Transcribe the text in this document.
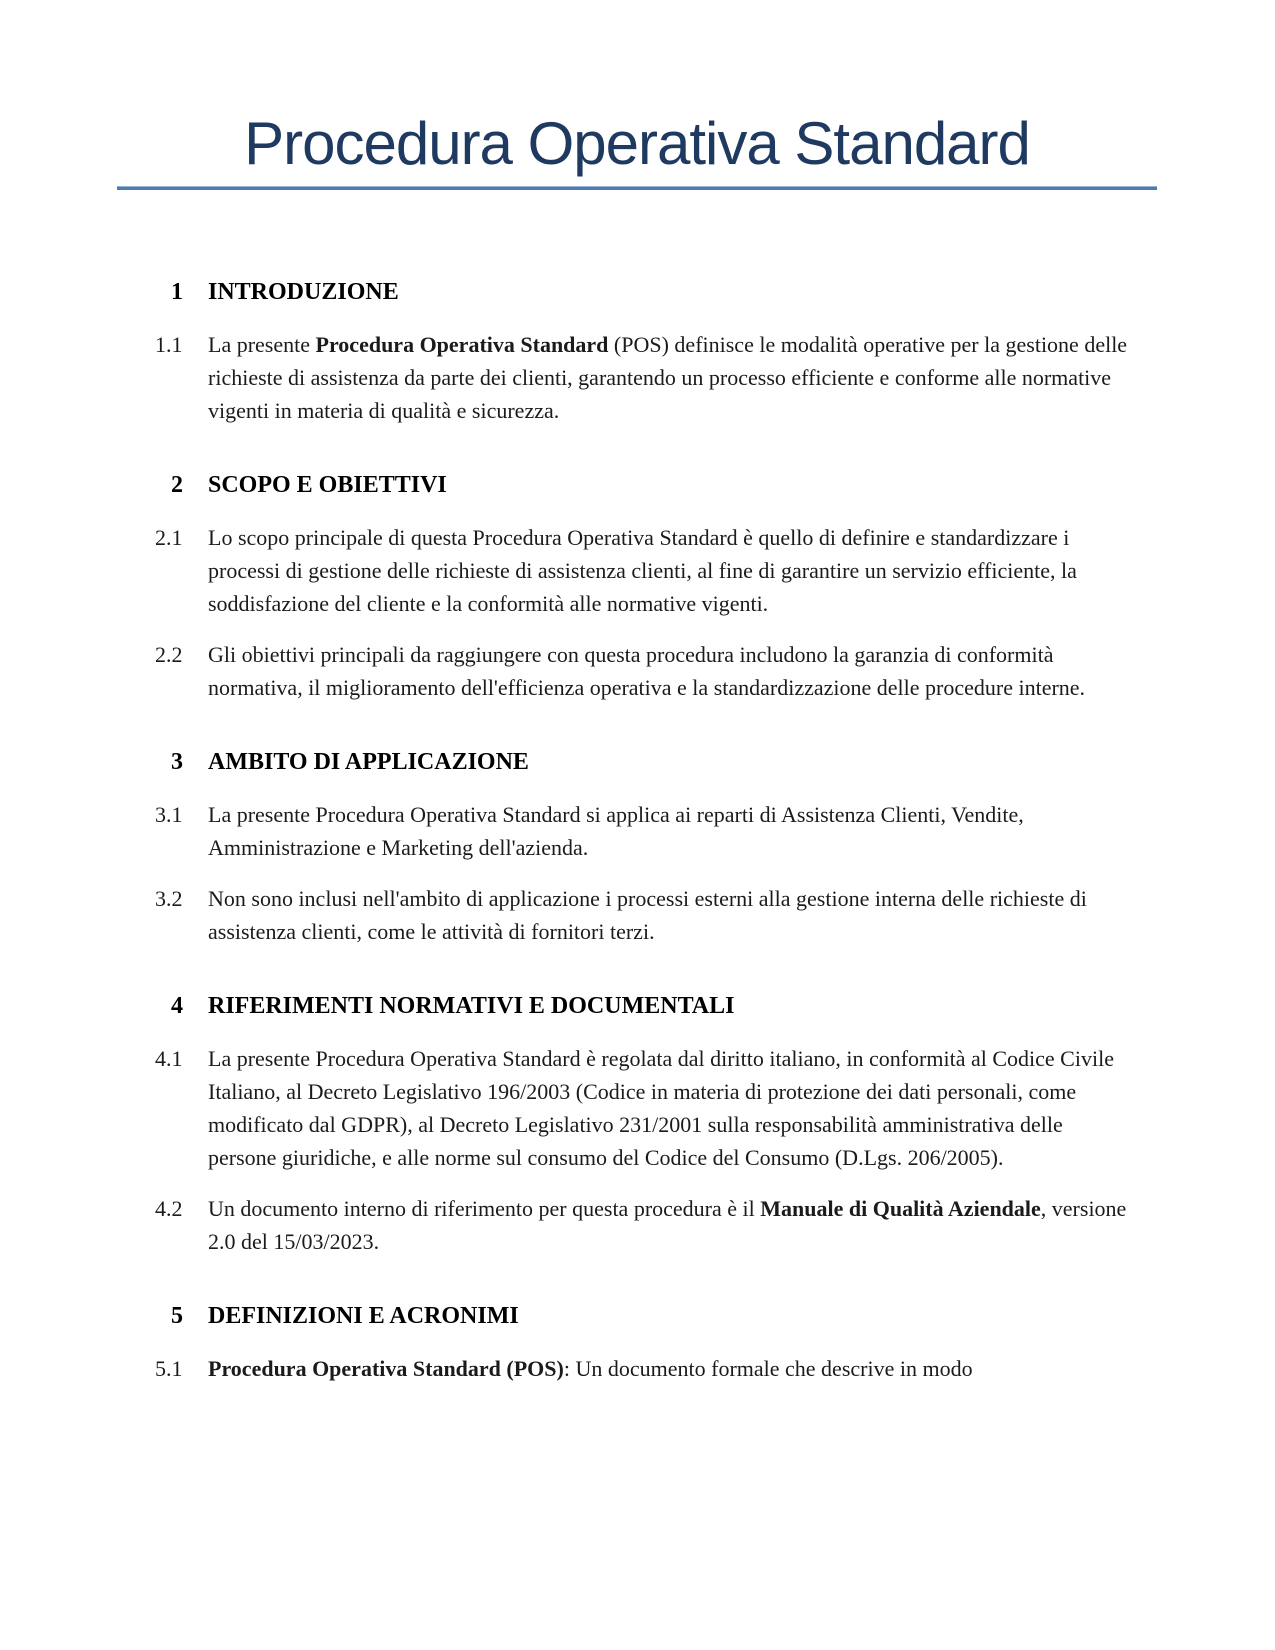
Procedura Operativa Standard
1	INTRODUZIONE
1.1	La presente Procedura Operativa Standard (POS) definisce le modalità operative per la gestione delle richieste di assistenza da parte dei clienti, garantendo un processo efficiente e conforme alle normative vigenti in materia di qualità e sicurezza.
2	SCOPO E OBIETTIVI
2.1	Lo scopo principale di questa Procedura Operativa Standard è quello di definire e standardizzare i processi di gestione delle richieste di assistenza clienti, al fine di garantire un servizio efficiente, la soddisfazione del cliente e la conformità alle normative vigenti.
2.2	Gli obiettivi principali da raggiungere con questa procedura includono la garanzia di conformità normativa, il miglioramento dell'efficienza operativa e la standardizzazione delle procedure interne.
3	AMBITO DI APPLICAZIONE
3.1	La presente Procedura Operativa Standard si applica ai reparti di Assistenza Clienti, Vendite, Amministrazione e Marketing dell'azienda.
3.2	Non sono inclusi nell'ambito di applicazione i processi esterni alla gestione interna delle richieste di assistenza clienti, come le attività di fornitori terzi.
4	RIFERIMENTI NORMATIVI E DOCUMENTALI
4.1	La presente Procedura Operativa Standard è regolata dal diritto italiano, in conformità al Codice Civile Italiano, al Decreto Legislativo 196/2003 (Codice in materia di protezione dei dati personali, come modificato dal GDPR), al Decreto Legislativo 231/2001 sulla responsabilità amministrativa delle persone giuridiche, e alle norme sul consumo del Codice del Consumo (D.Lgs. 206/2005).
4.2	Un documento interno di riferimento per questa procedura è il Manuale di Qualità Aziendale, versione 2.0 del 15/03/2023.
5	DEFINIZIONI E ACRONIMI
5.1	Procedura Operativa Standard (POS): Un documento formale che descrive in modo
